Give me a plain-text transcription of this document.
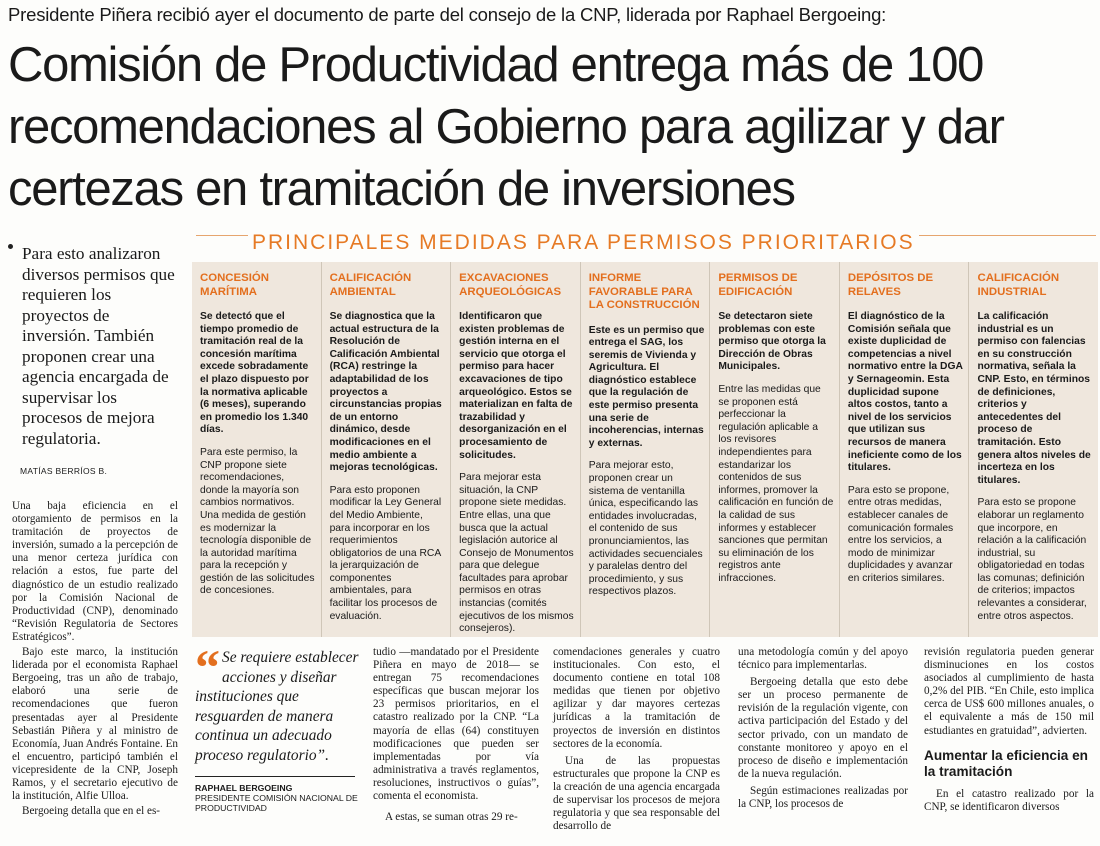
Presidente Piñera recibió ayer el documento de parte del consejo de la CNP, liderada por Raphael Bergoeing:
Comisión de Productividad entrega más de 100 recomendaciones al Gobierno para agilizar y dar certezas en tramitación de inversiones

Para esto analizaron diversos permisos que requieren los proyectos de inversión. También proponen crear una agencia encargada de supervisar los procesos de mejora regulatoria.

MATÍAS BERRÍOS B.

Una baja eficiencia en el otorgamiento de permisos en la tramitación de proyectos de inversión, sumado a la percepción de una menor certeza jurídica con relación a estos, fue parte del diagnóstico de un estudio realizado por la Comisión Nacional de Productividad (CNP), denominado “Revisión Regulatoria de Sectores Estratégicos”.

Bajo este marco, la institución liderada por el economista Raphael Bergoeing, tras un año de trabajo, elaboró una serie de recomendaciones que fueron presentadas ayer al Presidente Sebastián Piñera y al ministro de Economía, Juan Andrés Fontaine. En el encuentro, participó también el vicepresidente de la CNP, Joseph Ramos, y el secretario ejecutivo de la institución, Alfie Ulloa.

Bergoeing detalla que en el es-

PRINCIPALES MEDIDAS PARA PERMISOS PRIORITARIOS
CONCESIÓN MARÍTIMA
Se detectó que el tiempo promedio de tramitación real de la concesión marítima excede sobradamente el plazo dispuesto por la normativa aplicable (6 meses), superando en promedio los 1.340 días.
Para este permiso, la CNP propone siete recomendaciones, donde la mayoría son cambios normativos. Una medida de gestión es modernizar la tecnología disponible de la autoridad marítima para la recepción y gestión de las solicitudes de concesiones.
CALIFICACIÓN AMBIENTAL
Se diagnostica que la actual estructura de la Resolución de Calificación Ambiental (RCA) restringe la adaptabilidad de los proyectos a circunstancias propias de un entorno dinámico, desde modificaciones en el medio ambiente a mejoras tecnológicas.
Para esto proponen modificar la Ley General del Medio Ambiente, para incorporar en los requerimientos obligatorios de una RCA la jerarquización de componentes ambientales, para facilitar los procesos de evaluación.
EXCAVACIONES ARQUEOLÓGICAS
Identificaron que existen problemas de gestión interna en el servicio que otorga el permiso para hacer excavaciones de tipo arqueológico. Estos se materializan en falta de trazabilidad y desorganización en el procesamiento de solicitudes.
Para mejorar esta situación, la CNP propone siete medidas. Entre ellas, una que busca que la actual legislación autorice al Consejo de Monumentos para que delegue facultades para aprobar permisos en otras instancias (comités ejecutivos de los mismos consejeros).
INFORME FAVORABLE PARA LA CONSTRUCCIÓN
Este es un permiso que entrega el SAG, los seremis de Vivienda y Agricultura. El diagnóstico establece que la regulación de este permiso presenta una serie de incoherencias, internas y externas.
Para mejorar esto, proponen crear un sistema de ventanilla única, especificando las entidades involucradas, el contenido de sus pronunciamientos, las actividades secuenciales y paralelas dentro del procedimiento, y sus respectivos plazos.
PERMISOS DE EDIFICACIÓN
Se detectaron siete problemas con este permiso que otorga la Dirección de Obras Municipales.
Entre las medidas que se proponen está perfeccionar la regulación aplicable a los revisores independientes para estandarizar los contenidos de sus informes, promover la calificación en función de la calidad de sus informes y establecer sanciones que permitan su eliminación de los registros ante infracciones.
DEPÓSITOS DE RELAVES
El diagnóstico de la Comisión señala que existe duplicidad de competencias a nivel normativo entre la DGA y Sernageomin. Esta duplicidad supone altos costos, tanto a nivel de los servicios que utilizan sus recursos de manera ineficiente como de los titulares.
Para esto se propone, entre otras medidas, establecer canales de comunicación formales entre los servicios, a modo de minimizar duplicidades y avanzar en criterios similares.
CALIFICACIÓN INDUSTRIAL
La calificación industrial es un permiso con falencias en su construcción normativa, señala la CNP. Esto, en términos de definiciones, criterios y antecedentes del proceso de tramitación. Esto genera altos niveles de incerteza en los titulares.
Para esto se propone elaborar un reglamento que incorpore, en relación a la calificación industrial, su obligatoriedad en todas las comunas; definición de criterios; impactos relevantes a considerar, entre otros aspectos.
“ Se requiere establecer acciones y diseñar instituciones que resguarden de manera continua un adecuado proceso regulatorio”.
RAPHAEL BERGOEING
PRESIDENTE COMISIÓN NACIONAL DE PRODUCTIVIDAD

tudio —mandatado por el Presidente Piñera en mayo de 2018— se entregan 75 recomendaciones específicas que buscan mejorar los 23 permisos prioritarios, en el catastro realizado por la CNP. “La mayoría de ellas (64) constituyen modificaciones que pueden ser implementadas por vía administrativa a través reglamentos, resoluciones, instructivos o guías”, comenta el economista.

A estas, se suman otras 29 re-

comendaciones generales y cuatro institucionales. Con esto, el documento contiene en total 108 medidas que tienen por objetivo agilizar y dar mayores certezas jurídicas a la tramitación de proyectos de inversión en distintos sectores de la economía.

Una de las propuestas estructurales que propone la CNP es la creación de una agencia encargada de supervisar los procesos de mejora regulatoria y que sea responsable del desarrollo de

una metodología común y del apoyo técnico para implementarlas.

Bergoeing detalla que esto debe ser un proceso permanente de revisión de la regulación vigente, con activa participación del Estado y del sector privado, con un mandato de constante monitoreo y apoyo en el proceso de diseño e implementación de la nueva regulación.

Según estimaciones realizadas por la CNP, los procesos de

revisión regulatoria pueden generar disminuciones en los costos asociados al cumplimiento de hasta 0,2% del PIB. “En Chile, esto implica cerca de US$ 600 millones anuales, o el equivalente a más de 150 mil estudiantes en gratuidad”, advierten.

Aumentar la eficiencia en la tramitación

En el catastro realizado por la CNP, se identificaron diversos
